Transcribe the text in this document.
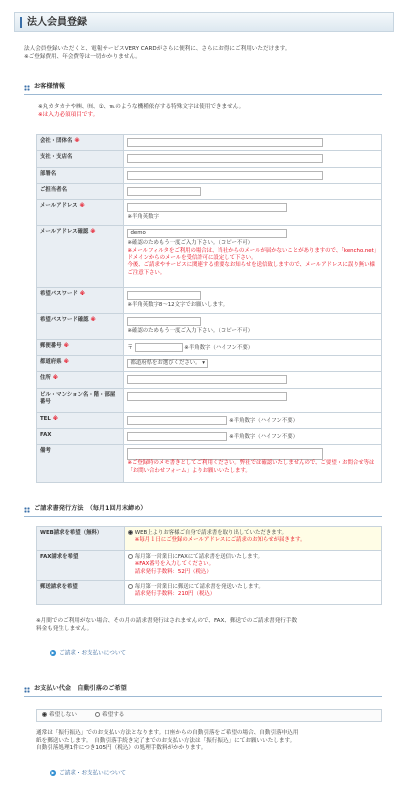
法人会員登録
法人会員登録いただくと、電報サービスVERY CARDがさらに便利に、さらにお得にご利用いただけます。
※ご登録費用、年会費等は一切かかりません。
お客様情報
※丸カタカナや㈱、㈲、①、℡のような機種依存する特殊文字は使用できません。
※は入力必須項目です。
会社・団体名 ※	
支社・支店名	
部署名	
ご担当者名	
メールアドレス ※	※半角英数字

メールアドレス確認 ※	demo
※確認のためもう一度ご入力下さい。（コピー不可）
※メールフィルタをご利用の場合は、当社からのメールが届かないことがありますので、「kencho.net」ドメインからのメールを受信許可に設定して下さい。
今後、ご請求やサービスに関連する重要なお知らせを送信致しますので、メールアドレスに誤り無い様ご注意下さい。

希望パスワード ※	※半角英数字8～12文字でお願いします。

希望パスワード確認 ※	※確認のためもう一度ご入力下さい。（コピー不可）

郵便番号 ※	〒 ※半角数字（ハイフン不要）
都道府県 ※	都道府県をお選びください。 ▾
住所 ※	
ビル・マンション名・階・部屋番号	
TEL ※	※半角数字（ハイフン不要）
FAX	※半角数字（ハイフン不要）
備考	※ご登録時のメモ書きとしてご利用ください。弊社では確認いたしませんので、ご要望・お問合せ等は「お問い合わせフォーム」よりお願いいたします。
ご請求書発行方法　（毎月1回月末締め）
WEB請求を希望（無料）	WEB上よりお客様ご自身で請求書を取り出していただきます。
※毎月１日にご登録のメールアドレスにご請求のお知らせが届きます。

FAX請求を希望	毎月第一営業日にFAXにて請求書を送信いたします。
※FAX番号を入力してください。
請求発行手数料：52円（税込）

郵送請求を希望	毎月第一営業日に郵送にて請求書を発送いたします。
請求発行手数料：210円（税込）
※月間でのご利用がない場合、その月の請求書発行はされませんので、FAX、郵送でのご請求書発行手数
料金も発生しません。
▶ ご請求・お支払いについて
お支払い代金　自動引落のご希望
希望しない	希望する
通常は「振行振込」でのお支払い方法となります。口座からの自動引落をご希望の場合、自動引落申込用
紙を郵送いたします。　自動引落手続き完了までのお支払い方法は「振行振込」にてお願いいたします。
自動引落処理1件につき105円（税込）の処理手数料がかかります。
▶ ご請求・お支払いについて
